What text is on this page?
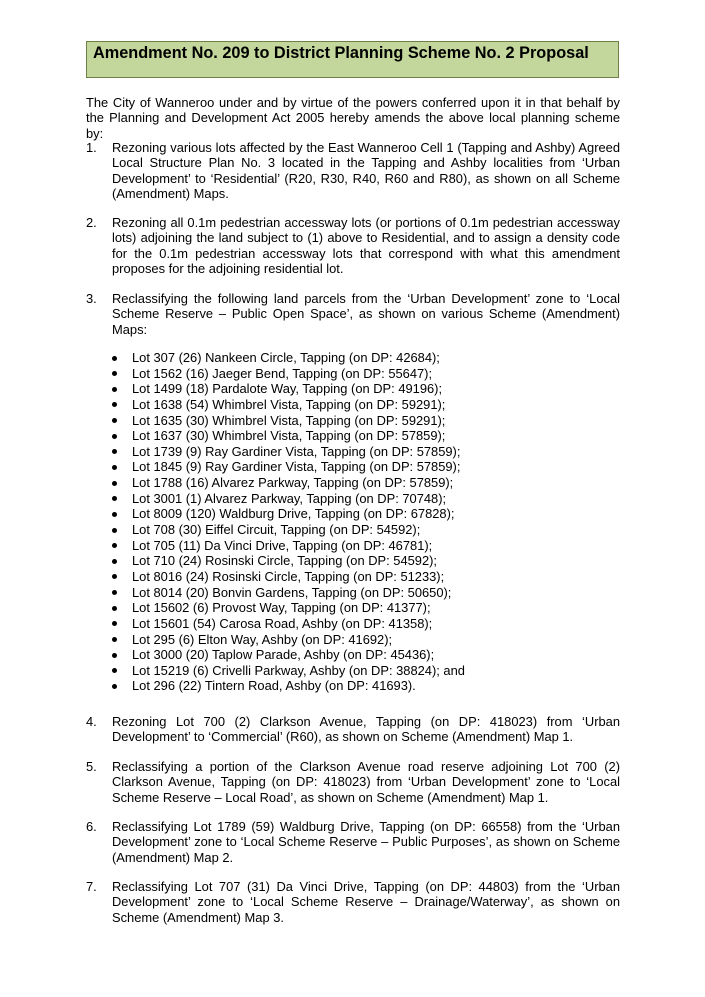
Amendment No. 209 to District Planning Scheme No. 2 Proposal
The City of Wanneroo under and by virtue of the powers conferred upon it in that behalf by the Planning and Development Act 2005 hereby amends the above local planning scheme by:
1.	Rezoning various lots affected by the East Wanneroo Cell 1 (Tapping and Ashby) Agreed Local Structure Plan No. 3 located in the Tapping and Ashby localities from ‘Urban Development’ to ‘Residential’ (R20, R30, R40, R60 and R80), as shown on all Scheme (Amendment) Maps.
2.	Rezoning all 0.1m pedestrian accessway lots (or portions of 0.1m pedestrian accessway lots) adjoining the land subject to (1) above to Residential, and to assign a density code for the 0.1m pedestrian accessway lots that correspond with what this amendment proposes for the adjoining residential lot.
3.	Reclassifying the following land parcels from the ‘Urban Development’ zone to ‘Local Scheme Reserve – Public Open Space’, as shown on various Scheme (Amendment) Maps:
Lot 307 (26) Nankeen Circle, Tapping (on DP: 42684);
Lot 1562 (16) Jaeger Bend, Tapping (on DP: 55647);
Lot 1499 (18) Pardalote Way, Tapping (on DP: 49196);
Lot 1638 (54) Whimbrel Vista, Tapping (on DP: 59291);
Lot 1635 (30) Whimbrel Vista, Tapping (on DP: 59291);
Lot 1637 (30) Whimbrel Vista, Tapping (on DP: 57859);
Lot 1739 (9) Ray Gardiner Vista, Tapping (on DP: 57859);
Lot 1845 (9) Ray Gardiner Vista, Tapping (on DP: 57859);
Lot 1788 (16) Alvarez Parkway, Tapping (on DP: 57859);
Lot 3001 (1) Alvarez Parkway, Tapping (on DP: 70748);
Lot 8009 (120) Waldburg Drive, Tapping (on DP: 67828);
Lot 708 (30) Eiffel Circuit, Tapping (on DP: 54592);
Lot 705 (11) Da Vinci Drive, Tapping (on DP: 46781);
Lot 710 (24) Rosinski Circle, Tapping (on DP: 54592);
Lot 8016 (24) Rosinski Circle, Tapping (on DP: 51233);
Lot 8014 (20) Bonvin Gardens, Tapping (on DP: 50650);
Lot 15602 (6) Provost Way, Tapping (on DP: 41377);
Lot 15601 (54) Carosa Road, Ashby (on DP: 41358);
Lot 295 (6) Elton Way, Ashby (on DP: 41692);
Lot 3000 (20) Taplow Parade, Ashby (on DP: 45436);
Lot 15219 (6) Crivelli Parkway, Ashby (on DP: 38824); and
Lot 296 (22) Tintern Road, Ashby (on DP: 41693).
4.	Rezoning Lot 700 (2) Clarkson Avenue, Tapping (on DP: 418023) from ‘Urban Development’ to ‘Commercial’ (R60), as shown on Scheme (Amendment) Map 1.
5.	Reclassifying a portion of the Clarkson Avenue road reserve adjoining Lot 700 (2) Clarkson Avenue, Tapping (on DP: 418023) from ‘Urban Development’ zone to ‘Local Scheme Reserve – Local Road’, as shown on Scheme (Amendment) Map 1.
6.	Reclassifying Lot 1789 (59) Waldburg Drive, Tapping (on DP: 66558) from the ‘Urban Development’ zone to ‘Local Scheme Reserve – Public Purposes’, as shown on Scheme (Amendment) Map 2.
7.	Reclassifying Lot 707 (31) Da Vinci Drive, Tapping (on DP: 44803) from the ‘Urban Development’ zone to ‘Local Scheme Reserve – Drainage/Waterway’, as shown on Scheme (Amendment) Map 3.
